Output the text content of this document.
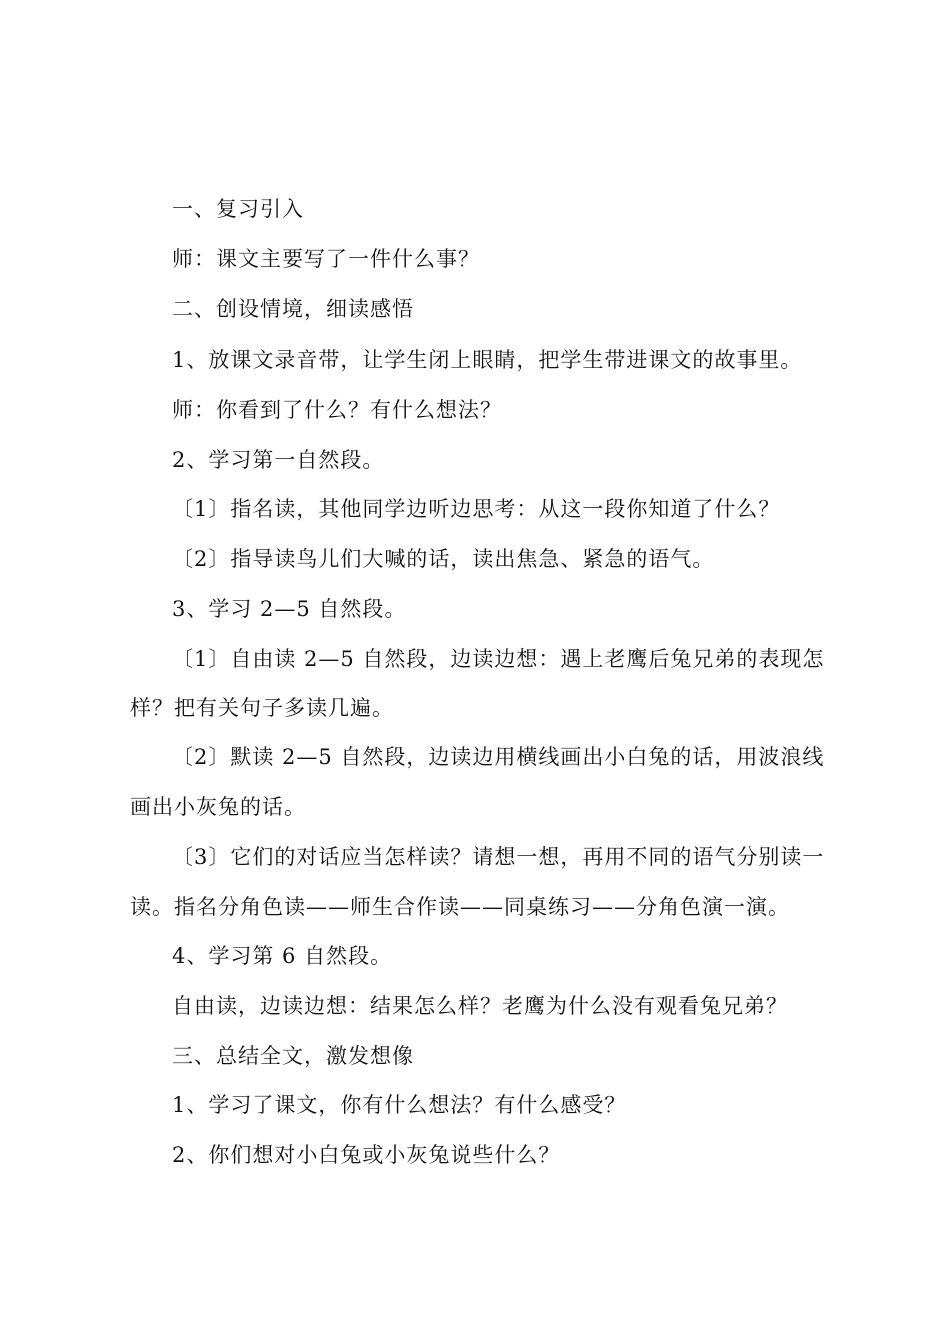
一、复习引入
师：课文主要写了一件什么事？
二、创设情境，细读感悟
1、放课文录音带，让学生闭上眼睛，把学生带进课文的故事里。
师：你看到了什么？有什么想法？
2、学习第一自然段。
〔1〕指名读，其他同学边听边思考：从这一段你知道了什么？
〔2〕指导读鸟儿们大喊的话，读出焦急、紧急的语气。
3、学习 2—5 自然段。
〔1〕自由读 2—5 自然段，边读边想：遇上老鹰后兔兄弟的表现怎
样？把有关句子多读几遍。
〔2〕默读 2—5 自然段，边读边用横线画出小白兔的话，用波浪线
画出小灰兔的话。
〔3〕它们的对话应当怎样读？请想一想，再用不同的语气分别读一
读。指名分角色读——师生合作读——同桌练习——分角色演一演。
4、学习第 6 自然段。
自由读，边读边想：结果怎么样？老鹰为什么没有观看兔兄弟？
三、总结全文，激发想像
1、学习了课文，你有什么想法？有什么感受？
2、你们想对小白兔或小灰兔说些什么？
